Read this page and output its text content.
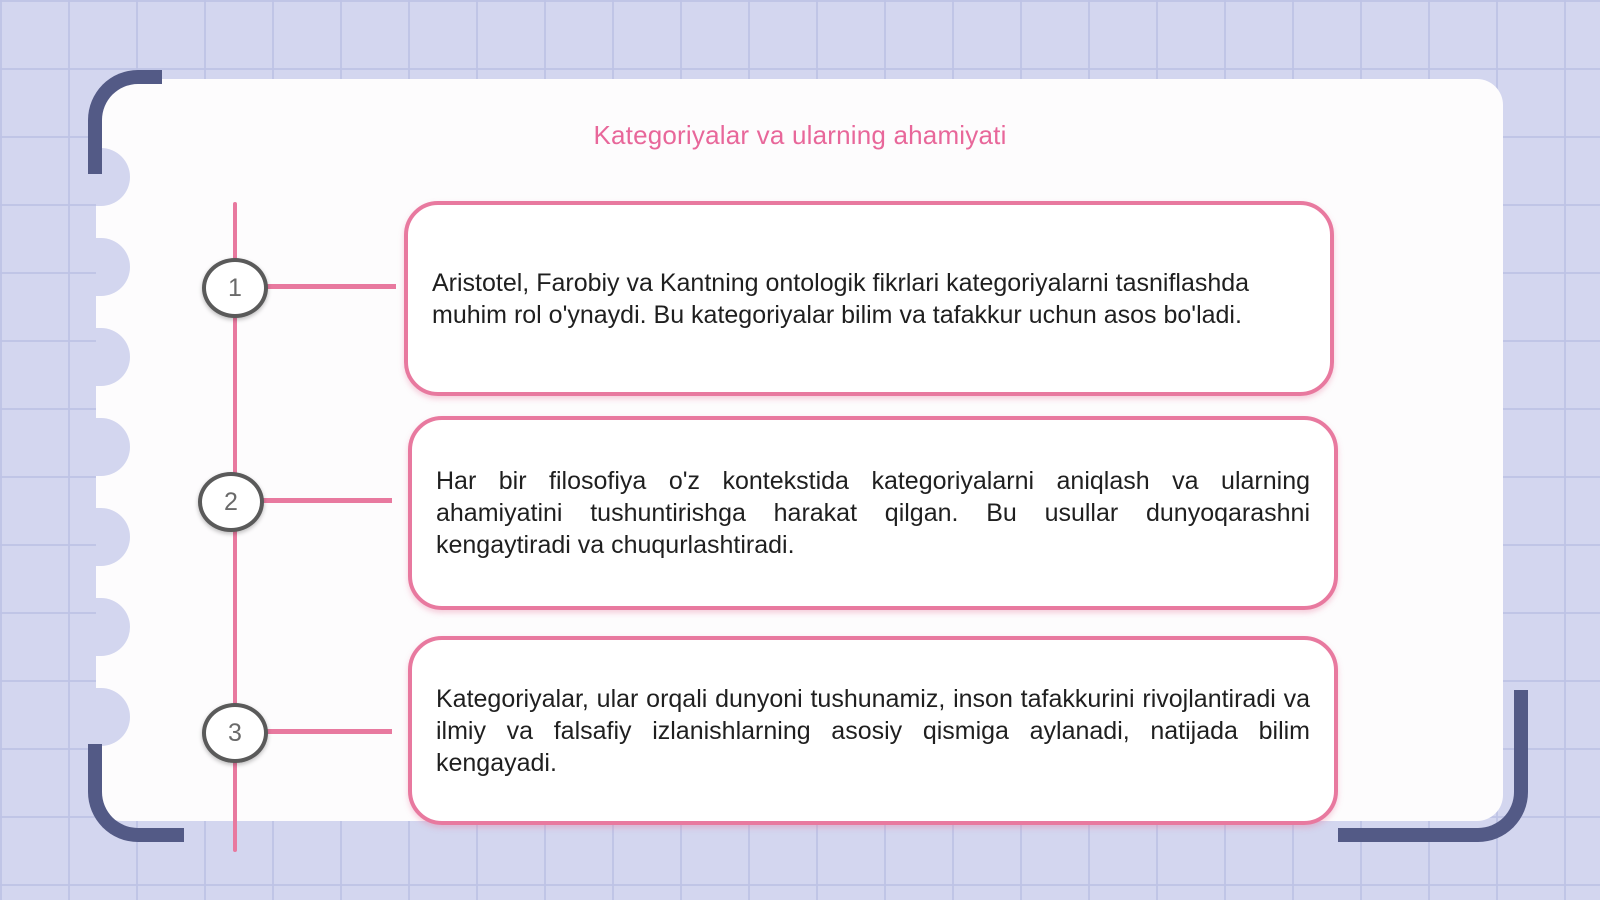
Kategoriyalar va ularning ahamiyati
1
2
3

Aristotel, Farobiy va Kantning ontologik fikrlari kategoriyalarni tasniflashda muhim rol o'ynaydi. Bu kategoriyalar bilim va tafakkur uchun asos bo'ladi.

Har bir filosofiya o'z kontekstida kategoriyalarni aniqlash va ularning ahamiyatini tushuntirishga harakat qilgan. Bu usullar dunyoqarashni kengaytiradi va chuqurlashtiradi.

Kategoriyalar, ular orqali dunyoni tushunamiz, inson tafakkurini rivojlantiradi va ilmiy va falsafiy izlanishlarning asosiy qismiga aylanadi, natijada bilim kengayadi.
